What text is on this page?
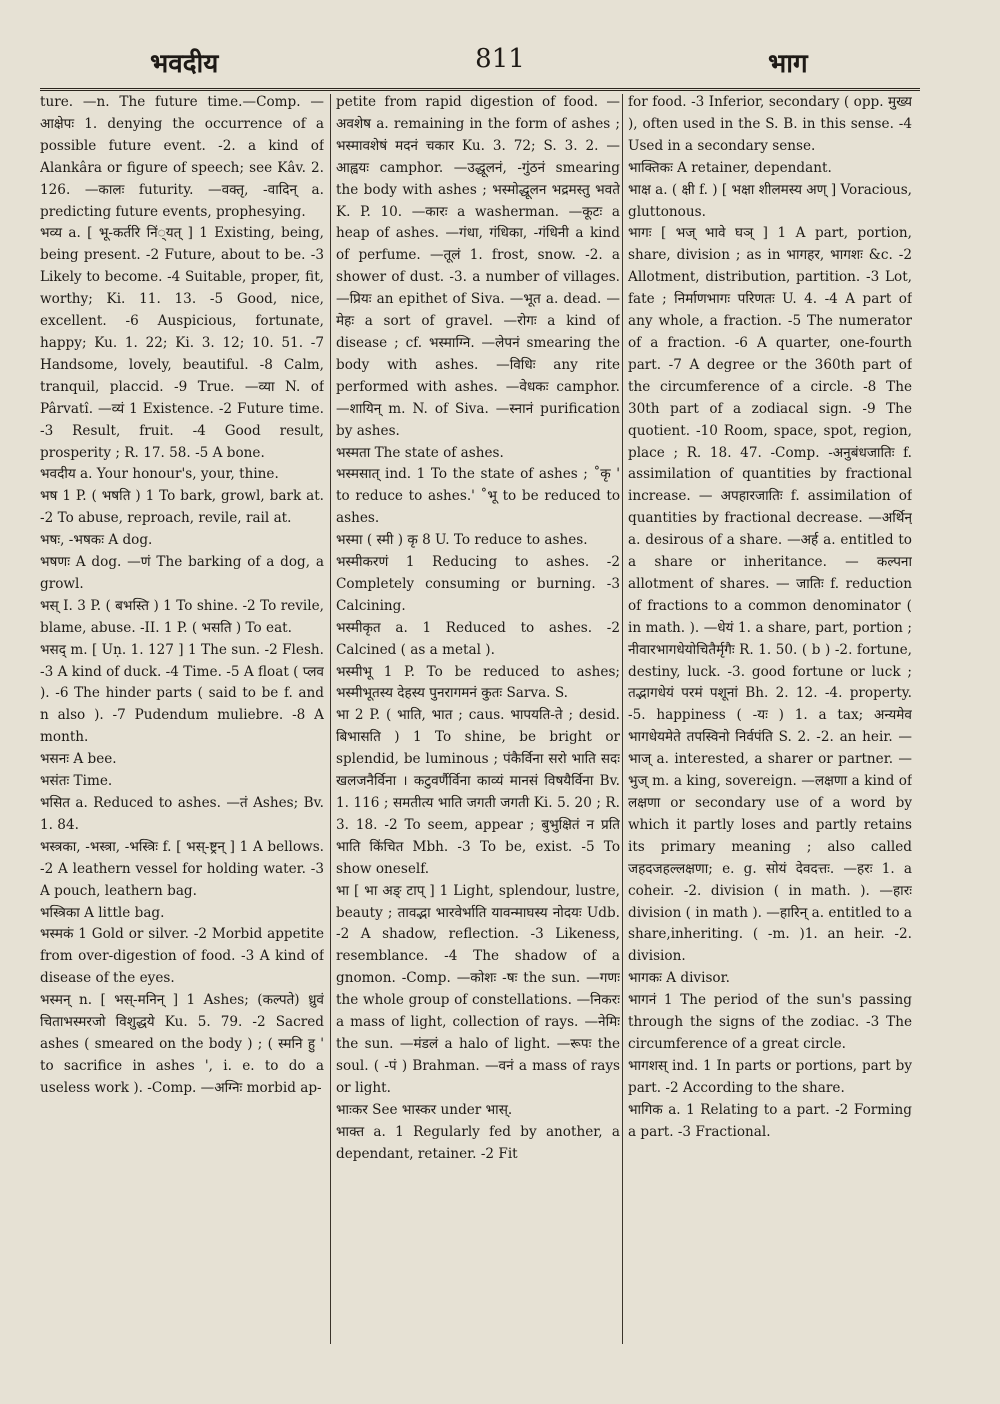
भवदीय	811	भाग

ture. —n. The future time.—Comp. —आक्षेपः 1. denying the occurrence of a possible future event. -2. a kind of Alankâra or figure of speech; see Kâv. 2. 126. —कालः futurity. —वक्तृ, -वादिन् a. predicting future events, prophesying.

भव्य a. [ भू-कर्तरि निं्यत् ] 1 Existing, being, being present. -2 Future, about to be. -3 Likely to become. -4 Suitable, proper, fit, worthy; Ki. 11. 13. -5 Good, nice, excellent. -6 Auspicious, fortunate, happy; Ku. 1. 22; Ki. 3. 12; 10. 51. -7 Handsome, lovely, beautiful. -8 Calm, tranquil, placcid. -9 True. —व्या N. of Pârvatî. —व्यं 1 Existence. -2 Future time. -3 Result, fruit. -4 Good result, prosperity ; R. 17. 58. -5 A bone.

भवदीय a. Your honour's, your, thine.

भष 1 P. ( भषति ) 1 To bark, growl, bark at. -2 To abuse, reproach, revile, rail at.

भषः, -भषकः A dog.

भषणः A dog. —णं The barking of a dog, a growl.

भस् I. 3 P. ( बभस्ति ) 1 To shine. -2 To revile, blame, abuse. -II. 1 P. ( भसति ) To eat.

भसद् m. [ Uṇ. 1. 127 ] 1 The sun. -2 Flesh. -3 A kind of duck. -4 Time. -5 A float ( प्लव ). -6 The hinder parts ( said to be f. and n also ). -7 Pudendum muliebre. -8 A month.

भसनः A bee.

भसंतः Time.

भसित a. Reduced to ashes. —तं Ashes; Bv. 1. 84.

भस्त्रका, -भस्त्रा, -भस्त्रिः f. [ भस्-ष्ट्रन् ] 1 A bellows. -2 A leathern vessel for holding water. -3 A pouch, leathern bag.

भस्त्रिका A little bag.

भस्मकं 1 Gold or silver. -2 Morbid appetite from over-digestion of food. -3 A kind of disease of the eyes.

भस्मन् n. [ भस्-मनिन् ] 1 Ashes; (कल्पते) ध्रुवं चिताभस्मरजो विशुद्धये Ku. 5. 79. -2 Sacred ashes ( smeared on the body ) ; ( स्मनि हु ' to sacrifice in ashes ', i. e. to do a useless work ). -Comp. —अग्निः morbid ap-

petite from rapid digestion of food. —अवशेष a. remaining in the form of ashes ; भस्मावशेषं मदनं चकार Ku. 3. 72; S. 3. 2. —आह्वयः camphor. —उद्धूलनं, -गुंठनं smearing the body with ashes ; भस्मोद्धूलन भद्रमस्तु भवते K. P. 10. —कारः a washerman. —कूटः a heap of ashes. —गंधा, गंधिका, -गंधिनी a kind of perfume. —तूलं 1. frost, snow. -2. a shower of dust. -3. a number of villages. —प्रियः an epithet of Siva. —भूत a. dead. —मेहः a sort of gravel. —रोगः a kind of disease ; cf. भस्माग्नि. —लेपनं smearing the body with ashes. —विधिः any rite performed with ashes. —वेधकः camphor. —शायिन् m. N. of Siva. —स्नानं purification by ashes.

भस्मता The state of ashes.

भस्मसात् ind. 1 To the state of ashes ; ˚कृ ' to reduce to ashes.' ˚भू to be reduced to ashes.

भस्मा ( स्मी ) कृ 8 U. To reduce to ashes.

भस्मीकरणं 1 Reducing to ashes. -2 Completely consuming or burning. -3 Calcining.

भस्मीकृत a. 1 Reduced to ashes. -2 Calcined ( as a metal ).

भस्मीभू 1 P. To be reduced to ashes; भस्मीभूतस्य देहस्य पुनरागमनं कुतः Sarva. S.

भा 2 P. ( भाति, भात ; caus. भापयति-ते ; desid. बिभासति ) 1 To shine, be bright or splendid, be luminous ; पंकैर्विना सरो भाति सदः खलजनैर्विना । कटुवर्णैर्विना काव्यं मानसं विषयैर्विना Bv. 1. 116 ; समतीत्य भाति जगती जगती Ki. 5. 20 ; R. 3. 18. -2 To seem, appear ; बुभुक्षितं न प्रति भाति किंचित Mbh. -3 To be, exist. -5 To show oneself.

भा [ भा अङ् टाप् ] 1 Light, splendour, lustre, beauty ; तावद्भा भारवेर्भाति यावन्माघस्य नोदयः Udb. -2 A shadow, reflection. -3 Likeness, resemblance. -4 The shadow of a gnomon. -Comp. —कोशः -षः the sun. —गणः the whole group of constellations. —निकरः a mass of light, collection of rays. —नेमिः the sun. —मंडलं a halo of light. —रूपः the soul. ( -पं ) Brahman. —वनं a mass of rays or light.

भाःकर See भास्कर under भास्.

भाक्त a. 1 Regularly fed by another, a dependant, retainer. -2 Fit

for food. -3 Inferior, secondary ( opp. मुख्य ), often used in the S. B. in this sense. -4 Used in a secondary sense.

भाक्तिकः A retainer, dependant.

भाक्ष a. ( क्षी f. ) [ भक्षा शीलमस्य अण् ] Voracious, gluttonous.

भागः [ भज् भावे घञ् ] 1 A part, portion, share, division ; as in भागहर, भागशः &c. -2 Allotment, distribution, partition. -3 Lot, fate ; निर्माणभागः परिणतः U. 4. -4 A part of any whole, a fraction. -5 The numerator of a fraction. -6 A quarter, one-fourth part. -7 A degree or the 360th part of the circumference of a circle. -8 The 30th part of a zodiacal sign. -9 The quotient. -10 Room, space, spot, region, place ; R. 18. 47. -Comp. -अनुबंधजातिः f. assimilation of quantities by fractional increase. — अपहारजातिः f. assimilation of quantities by fractional decrease. —अर्थिन् a. desirous of a share. —अर्ह a. entitled to a share or inheritance. — कल्पना allotment of shares. — जातिः f. reduction of fractions to a common denominator ( in math. ). —धेयं 1. a share, part, portion ; नीवारभागधेयोचितैर्मृगैः R. 1. 50. ( b ) -2. fortune, destiny, luck. -3. good fortune or luck ; तद्भागधेयं परमं पशूनां Bh. 2. 12. -4. property. -5. happiness ( -यः ) 1. a tax; अन्यमेव भागधेयमेते तपस्विनो निर्वपंति S. 2. -2. an heir. —भाज् a. interested, a sharer or partner. —भुज् m. a king, sovereign. —लक्षणा a kind of लक्षणा or secondary use of a word by which it partly loses and partly retains its primary meaning ; also called जहदजहल्लक्षणा; e. g. सोयं देवदत्तः. —हरः 1. a coheir. -2. division ( in math. ). —हारः division ( in math ). —हारिन् a. entitled to a share,inheriting. ( -m. )1. an heir. -2. division.

भागकः A divisor.

भागनं 1 The period of the sun's passing through the signs of the zodiac. -3 The circumference of a great circle.

भागशस् ind. 1 In parts or portions, part by part. -2 According to the share.

भागिक a. 1 Relating to a part. -2 Forming a part. -3 Fractional.
